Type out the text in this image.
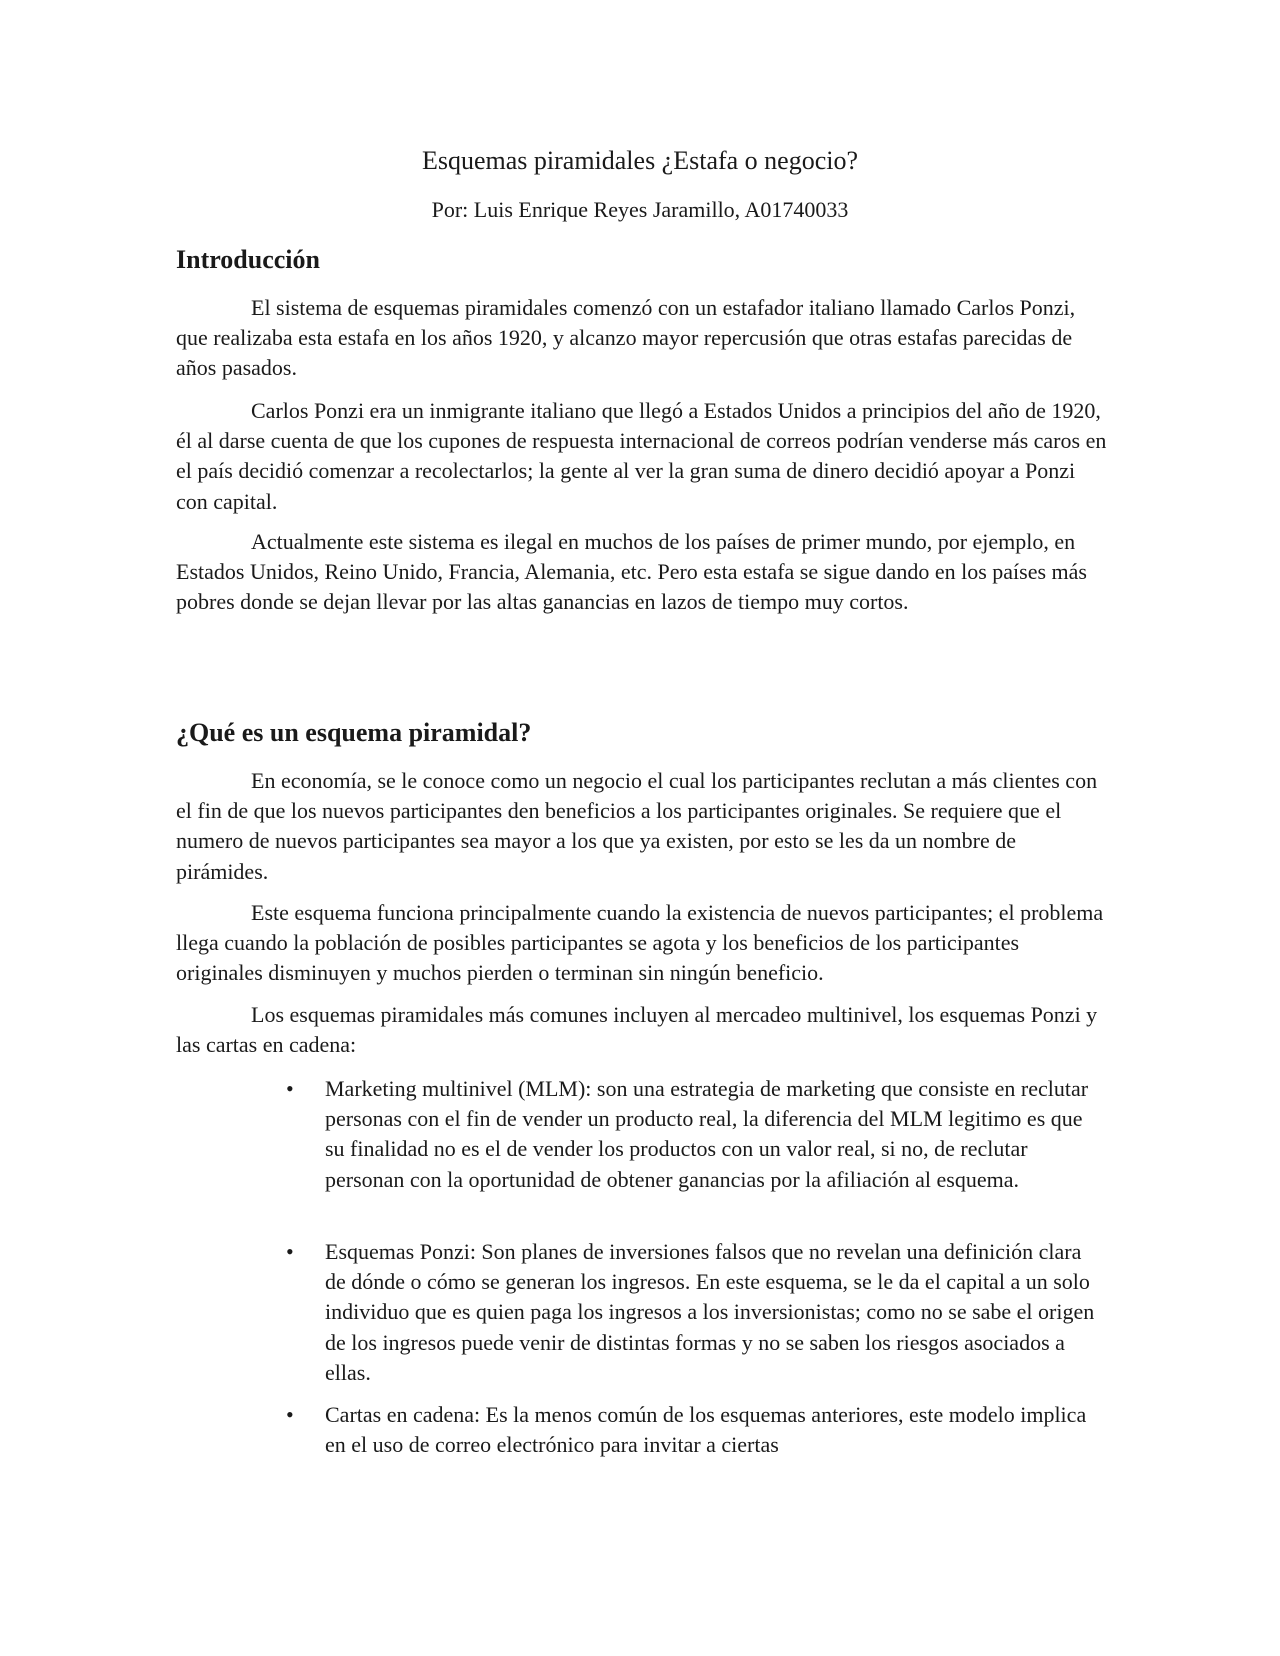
Esquemas piramidales ¿Estafa o negocio?

Por: Luis Enrique Reyes Jaramillo, A01740033

Introducción

El sistema de esquemas piramidales comenzó con un estafador italiano llamado Carlos Ponzi, que realizaba esta estafa en los años 1920, y alcanzo mayor repercusión que otras estafas parecidas de años pasados.

Carlos Ponzi era un inmigrante italiano que llegó a Estados Unidos a principios del año de 1920, él al darse cuenta de que los cupones de respuesta internacional de correos podrían venderse más caros en el país decidió comenzar a recolectarlos; la gente al ver la gran suma de dinero decidió apoyar a Ponzi con capital.

Actualmente este sistema es ilegal en muchos de los países de primer mundo, por ejemplo, en Estados Unidos, Reino Unido, Francia, Alemania, etc. Pero esta estafa se sigue dando en los países más pobres donde se dejan llevar por las altas ganancias en lazos de tiempo muy cortos.

¿Qué es un esquema piramidal?

En economía, se le conoce como un negocio el cual los participantes reclutan a más clientes con el fin de que los nuevos participantes den beneficios a los participantes originales. Se requiere que el numero de nuevos participantes sea mayor a los que ya existen, por esto se les da un nombre de pirámides.

Este esquema funciona principalmente cuando la existencia de nuevos participantes; el problema llega cuando la población de posibles participantes se agota y los beneficios de los participantes originales disminuyen y muchos pierden o terminan sin ningún beneficio.

Los esquemas piramidales más comunes incluyen al mercadeo multinivel, los esquemas Ponzi y las cartas en cadena:

• Marketing multinivel (MLM): son una estrategia de marketing que consiste en reclutar personas con el fin de vender un producto real, la diferencia del MLM legitimo es que su finalidad no es el de vender los productos con un valor real, si no, de reclutar personan con la oportunidad de obtener ganancias por la afiliación al esquema.

• Esquemas Ponzi: Son planes de inversiones falsos que no revelan una definición clara de dónde o cómo se generan los ingresos. En este esquema, se le da el capital a un solo individuo que es quien paga los ingresos a los inversionistas; como no se sabe el origen de los ingresos puede venir de distintas formas y no se saben los riesgos asociados a ellas.

• Cartas en cadena: Es la menos común de los esquemas anteriores, este modelo implica en el uso de correo electrónico para invitar a ciertas
